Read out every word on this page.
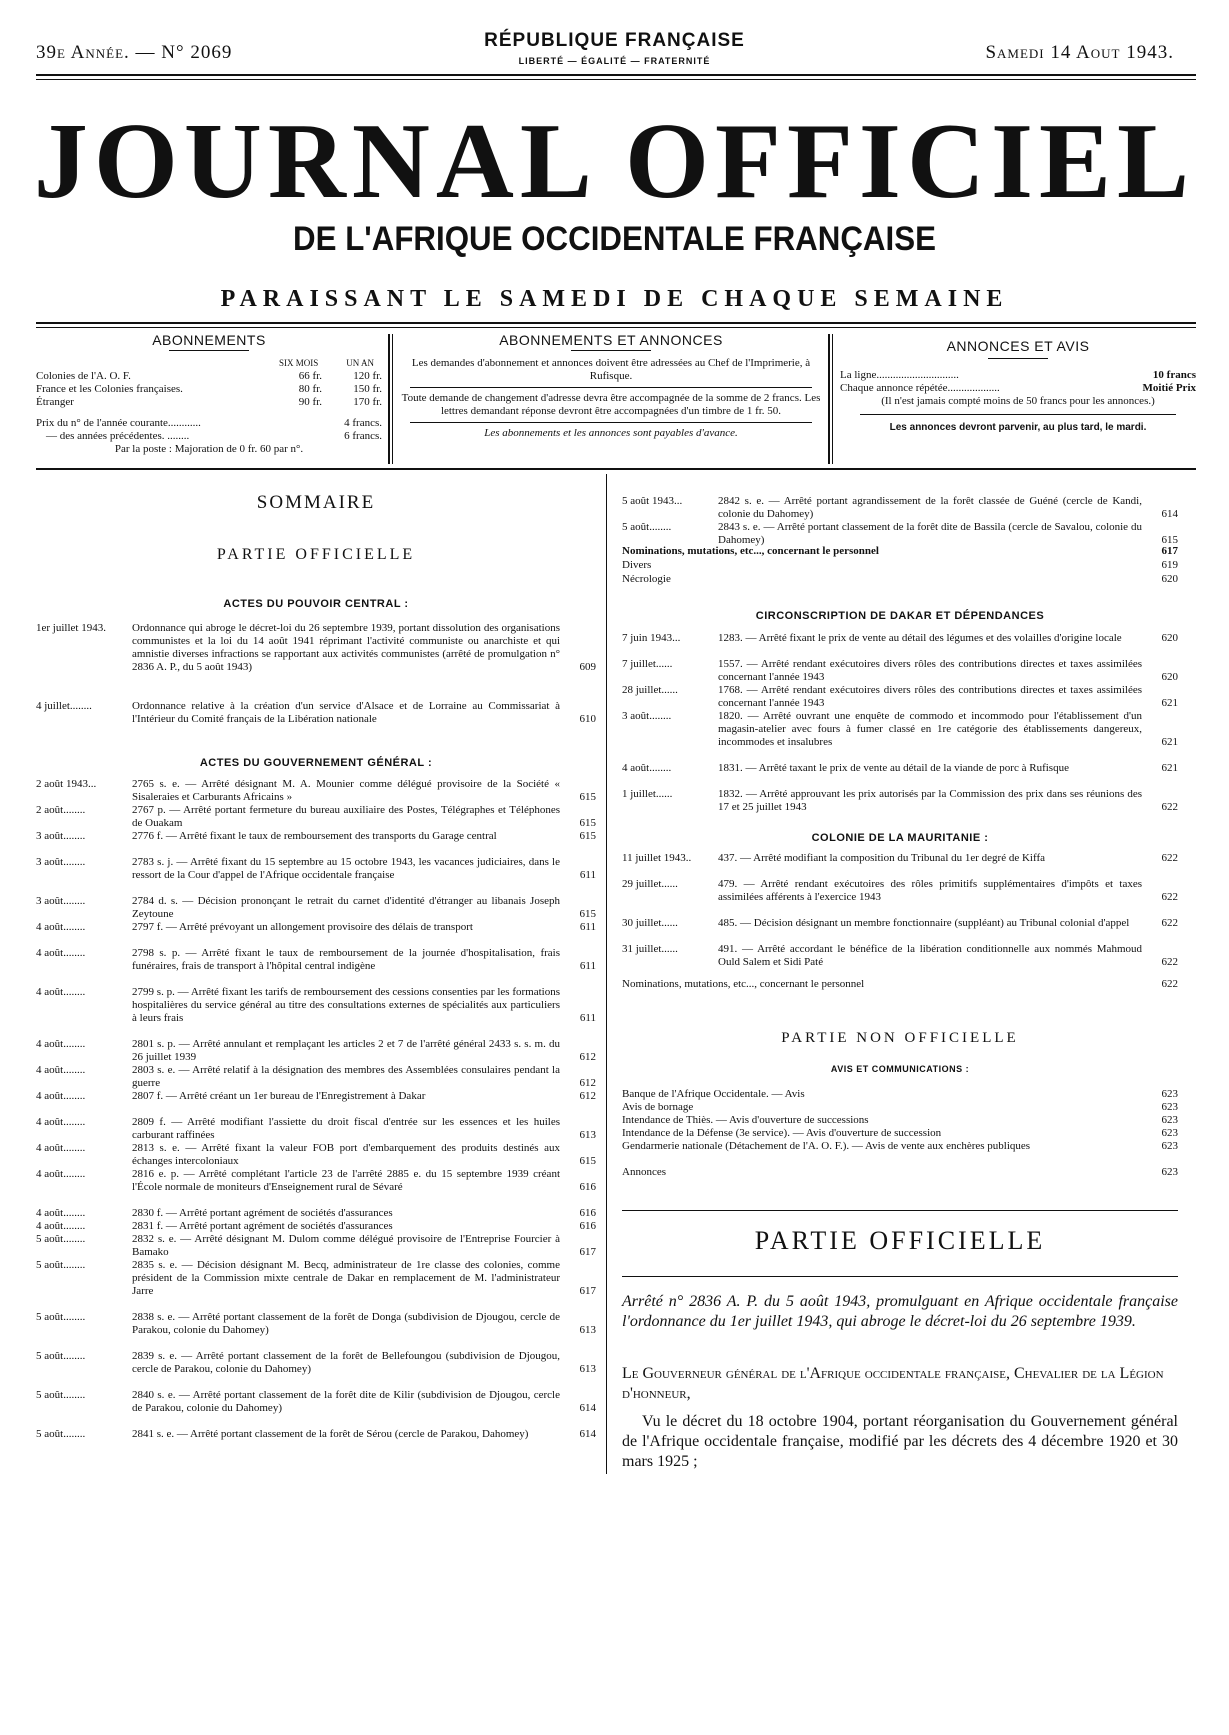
39e Année. — N° 2069
RÉPUBLIQUE FRANÇAISE
LIBERTÉ — ÉGALITÉ — FRATERNITÉ	Samedi 14 Aout 1943.
JOURNAL OFFICIEL
DE L'AFRIQUE OCCIDENTALE FRANÇAISE
PARAISSANT LE SAMEDI DE CHAQUE SEMAINE
ABONNEMENTS
SIX MOIS	UN AN
Colonies de l'A. O. F.	66 fr.	120 fr.
France et les Colonies françaises.	80 fr.	150 fr.
Étranger	90 fr.	170 fr.
Prix du n° de l'année courante............	4 francs.
— des années précédentes. ........	6 francs.
Par la poste : Majoration de 0 fr. 60 par n°.
ABONNEMENTS ET ANNONCES
Les demandes d'abonnement et annonces doivent être adressées au Chef de l'Imprimerie, à Rufisque.
Toute demande de changement d'adresse devra être accompagnée de la somme de 2 francs. Les lettres demandant réponse devront être accompagnées d'un timbre de 1 fr. 50.
Les abonnements et les annonces sont payables d'avance.
ANNONCES ET AVIS
La ligne..............................	10 francs
Chaque annonce répétée...................	Moitié Prix
(Il n'est jamais compté moins de 50 francs pour les annonces.)
Les annonces devront parvenir, au plus tard, le mardi.
SOMMAIRE
PARTIE OFFICIELLE
ACTES DU POUVOIR CENTRAL :
1er juillet 1943.	Ordonnance qui abroge le décret-loi du 26 septembre 1939, portant dissolution des organisations communistes et la loi du 14 août 1941 réprimant l'activité communiste ou anarchiste et qui amnistie diverses infractions se rapportant aux activités communistes (arrêté de promulgation n° 2836 A. P., du 5 août 1943)	609
4 juillet........	Ordonnance relative à la création d'un service d'Alsace et de Lorraine au Commissariat à l'Intérieur du Comité français de la Libération nationale	610
ACTES DU GOUVERNEMENT GÉNÉRAL :
2 août 1943...	2765 s. e. — Arrêté désignant M. A. Mounier comme délégué provisoire de la Société « Sisaleraies et Carburants Africains »	615
2 août........	2767 p. — Arrêté portant fermeture du bureau auxiliaire des Postes, Télégraphes et Téléphones de Ouakam	615
3 août........	2776 f. — Arrêté fixant le taux de remboursement des transports du Garage central	615
3 août........	2783 s. j. — Arrêté fixant du 15 septembre au 15 octobre 1943, les vacances judiciaires, dans le ressort de la Cour d'appel de l'Afrique occidentale française	611
3 août........	2784 d. s. — Décision prononçant le retrait du carnet d'identité d'étranger au libanais Joseph Zeytoune	615
4 août........	2797 f. — Arrêté prévoyant un allongement provisoire des délais de transport	611
4 août........	2798 s. p. — Arrêté fixant le taux de remboursement de la journée d'hospitalisation, frais funéraires, frais de transport à l'hôpital central indigène	611
4 août........	2799 s. p. — Arrêté fixant les tarifs de remboursement des cessions consenties par les formations hospitalières du service général au titre des consultations externes de spécialités aux particuliers à leurs frais	611
4 août........	2801 s. p. — Arrêté annulant et remplaçant les articles 2 et 7 de l'arrêté général 2433 s. s. m. du 26 juillet 1939	612
4 août........	2803 s. e. — Arrêté relatif à la désignation des membres des Assemblées consulaires pendant la guerre	612
4 août........	2807 f. — Arrêté créant un 1er bureau de l'Enregistrement à Dakar	612
4 août........	2809 f. — Arrêté modifiant l'assiette du droit fiscal d'entrée sur les essences et les huiles carburant raffinées	613
4 août........	2813 s. e. — Arrêté fixant la valeur FOB port d'embarquement des produits destinés aux échanges intercoloniaux	615
4 août........	2816 e. p. — Arrêté complétant l'article 23 de l'arrêté 2885 e. du 15 septembre 1939 créant l'École normale de moniteurs d'Enseignement rural de Sévaré	616
4 août........	2830 f. — Arrêté portant agrément de sociétés d'assurances	616
4 août........	2831 f. — Arrêté portant agrément de sociétés d'assurances	616
5 août........	2832 s. e. — Arrêté désignant M. Dulom comme délégué provisoire de l'Entreprise Fourcier à Bamako	617
5 août........	2835 s. e. — Décision désignant M. Becq, administrateur de 1re classe des colonies, comme président de la Commission mixte centrale de Dakar en remplacement de M. l'administrateur Jarre	617
5 août........	2838 s. e. — Arrêté portant classement de la forêt de Donga (subdivision de Djougou, cercle de Parakou, colonie du Dahomey)	613
5 août........	2839 s. e. — Arrêté portant classement de la forêt de Bellefoungou (subdivision de Djougou, cercle de Parakou, colonie du Dahomey)	613
5 août........	2840 s. e. — Arrêté portant classement de la forêt dite de Kilir (subdivision de Djougou, cercle de Parakou, colonie du Dahomey)	614
5 août........	2841 s. e. — Arrêté portant classement de la forêt de Sérou (cercle de Parakou, Dahomey)	614
5 août 1943...	2842 s. e. — Arrêté portant agrandissement de la forêt classée de Guéné (cercle de Kandi, colonie du Dahomey)	614
5 août........	2843 s. e. — Arrêté portant classement de la forêt dite de Bassila (cercle de Savalou, colonie du Dahomey)	615
Nominations, mutations, etc..., concernant le personnel	617
Divers	619
Nécrologie	620
CIRCONSCRIPTION DE DAKAR ET DÉPENDANCES
7 juin 1943...	1283. — Arrêté fixant le prix de vente au détail des légumes et des volailles d'origine locale	620
7 juillet......	1557. — Arrêté rendant exécutoires divers rôles des contributions directes et taxes assimilées concernant l'année 1943	620
28 juillet......	1768. — Arrêté rendant exécutoires divers rôles des contributions directes et taxes assimilées concernant l'année 1943	621
3 août........	1820. — Arrêté ouvrant une enquête de commodo et incommodo pour l'établissement d'un magasin-atelier avec fours à fumer classé en 1re catégorie des établissements dangereux, incommodes et insalubres	621
4 août........	1831. — Arrêté taxant le prix de vente au détail de la viande de porc à Rufisque	621
1 juillet......	1832. — Arrêté approuvant les prix autorisés par la Commission des prix dans ses réunions des 17 et 25 juillet 1943	622
COLONIE DE LA MAURITANIE :
11 juillet 1943..	437. — Arrêté modifiant la composition du Tribunal du 1er degré de Kiffa	622
29 juillet......	479. — Arrêté rendant exécutoires des rôles primitifs supplémentaires d'impôts et taxes assimilées afférents à l'exercice 1943	622
30 juillet......	485. — Décision désignant un membre fonctionnaire (suppléant) au Tribunal colonial d'appel	622
31 juillet......	491. — Arrêté accordant le bénéfice de la libération conditionnelle aux nommés Mahmoud Ould Salem et Sidi Paté	622
Nominations, mutations, etc..., concernant le personnel	622
PARTIE NON OFFICIELLE
AVIS ET COMMUNICATIONS :
Banque de l'Afrique Occidentale. — Avis	623
Avis de bornage	623
Intendance de Thiès. — Avis d'ouverture de successions	623
Intendance de la Défense (3e service). — Avis d'ouverture de succession	623
Gendarmerie nationale (Détachement de l'A. O. F.). — Avis de vente aux enchères publiques	623
Annonces	623
PARTIE OFFICIELLE
Arrêté n° 2836 A. P. du 5 août 1943, promulguant en Afrique occidentale française l'ordonnance du 1er juillet 1943, qui abroge le décret-loi du 26 septembre 1939.
Le Gouverneur général de l'Afrique occidentale française, Chevalier de la Légion d'honneur,
Vu le décret du 18 octobre 1904, portant réorganisation du Gouvernement général de l'Afrique occidentale française, modifié par les décrets des 4 décembre 1920 et 30 mars 1925 ;
